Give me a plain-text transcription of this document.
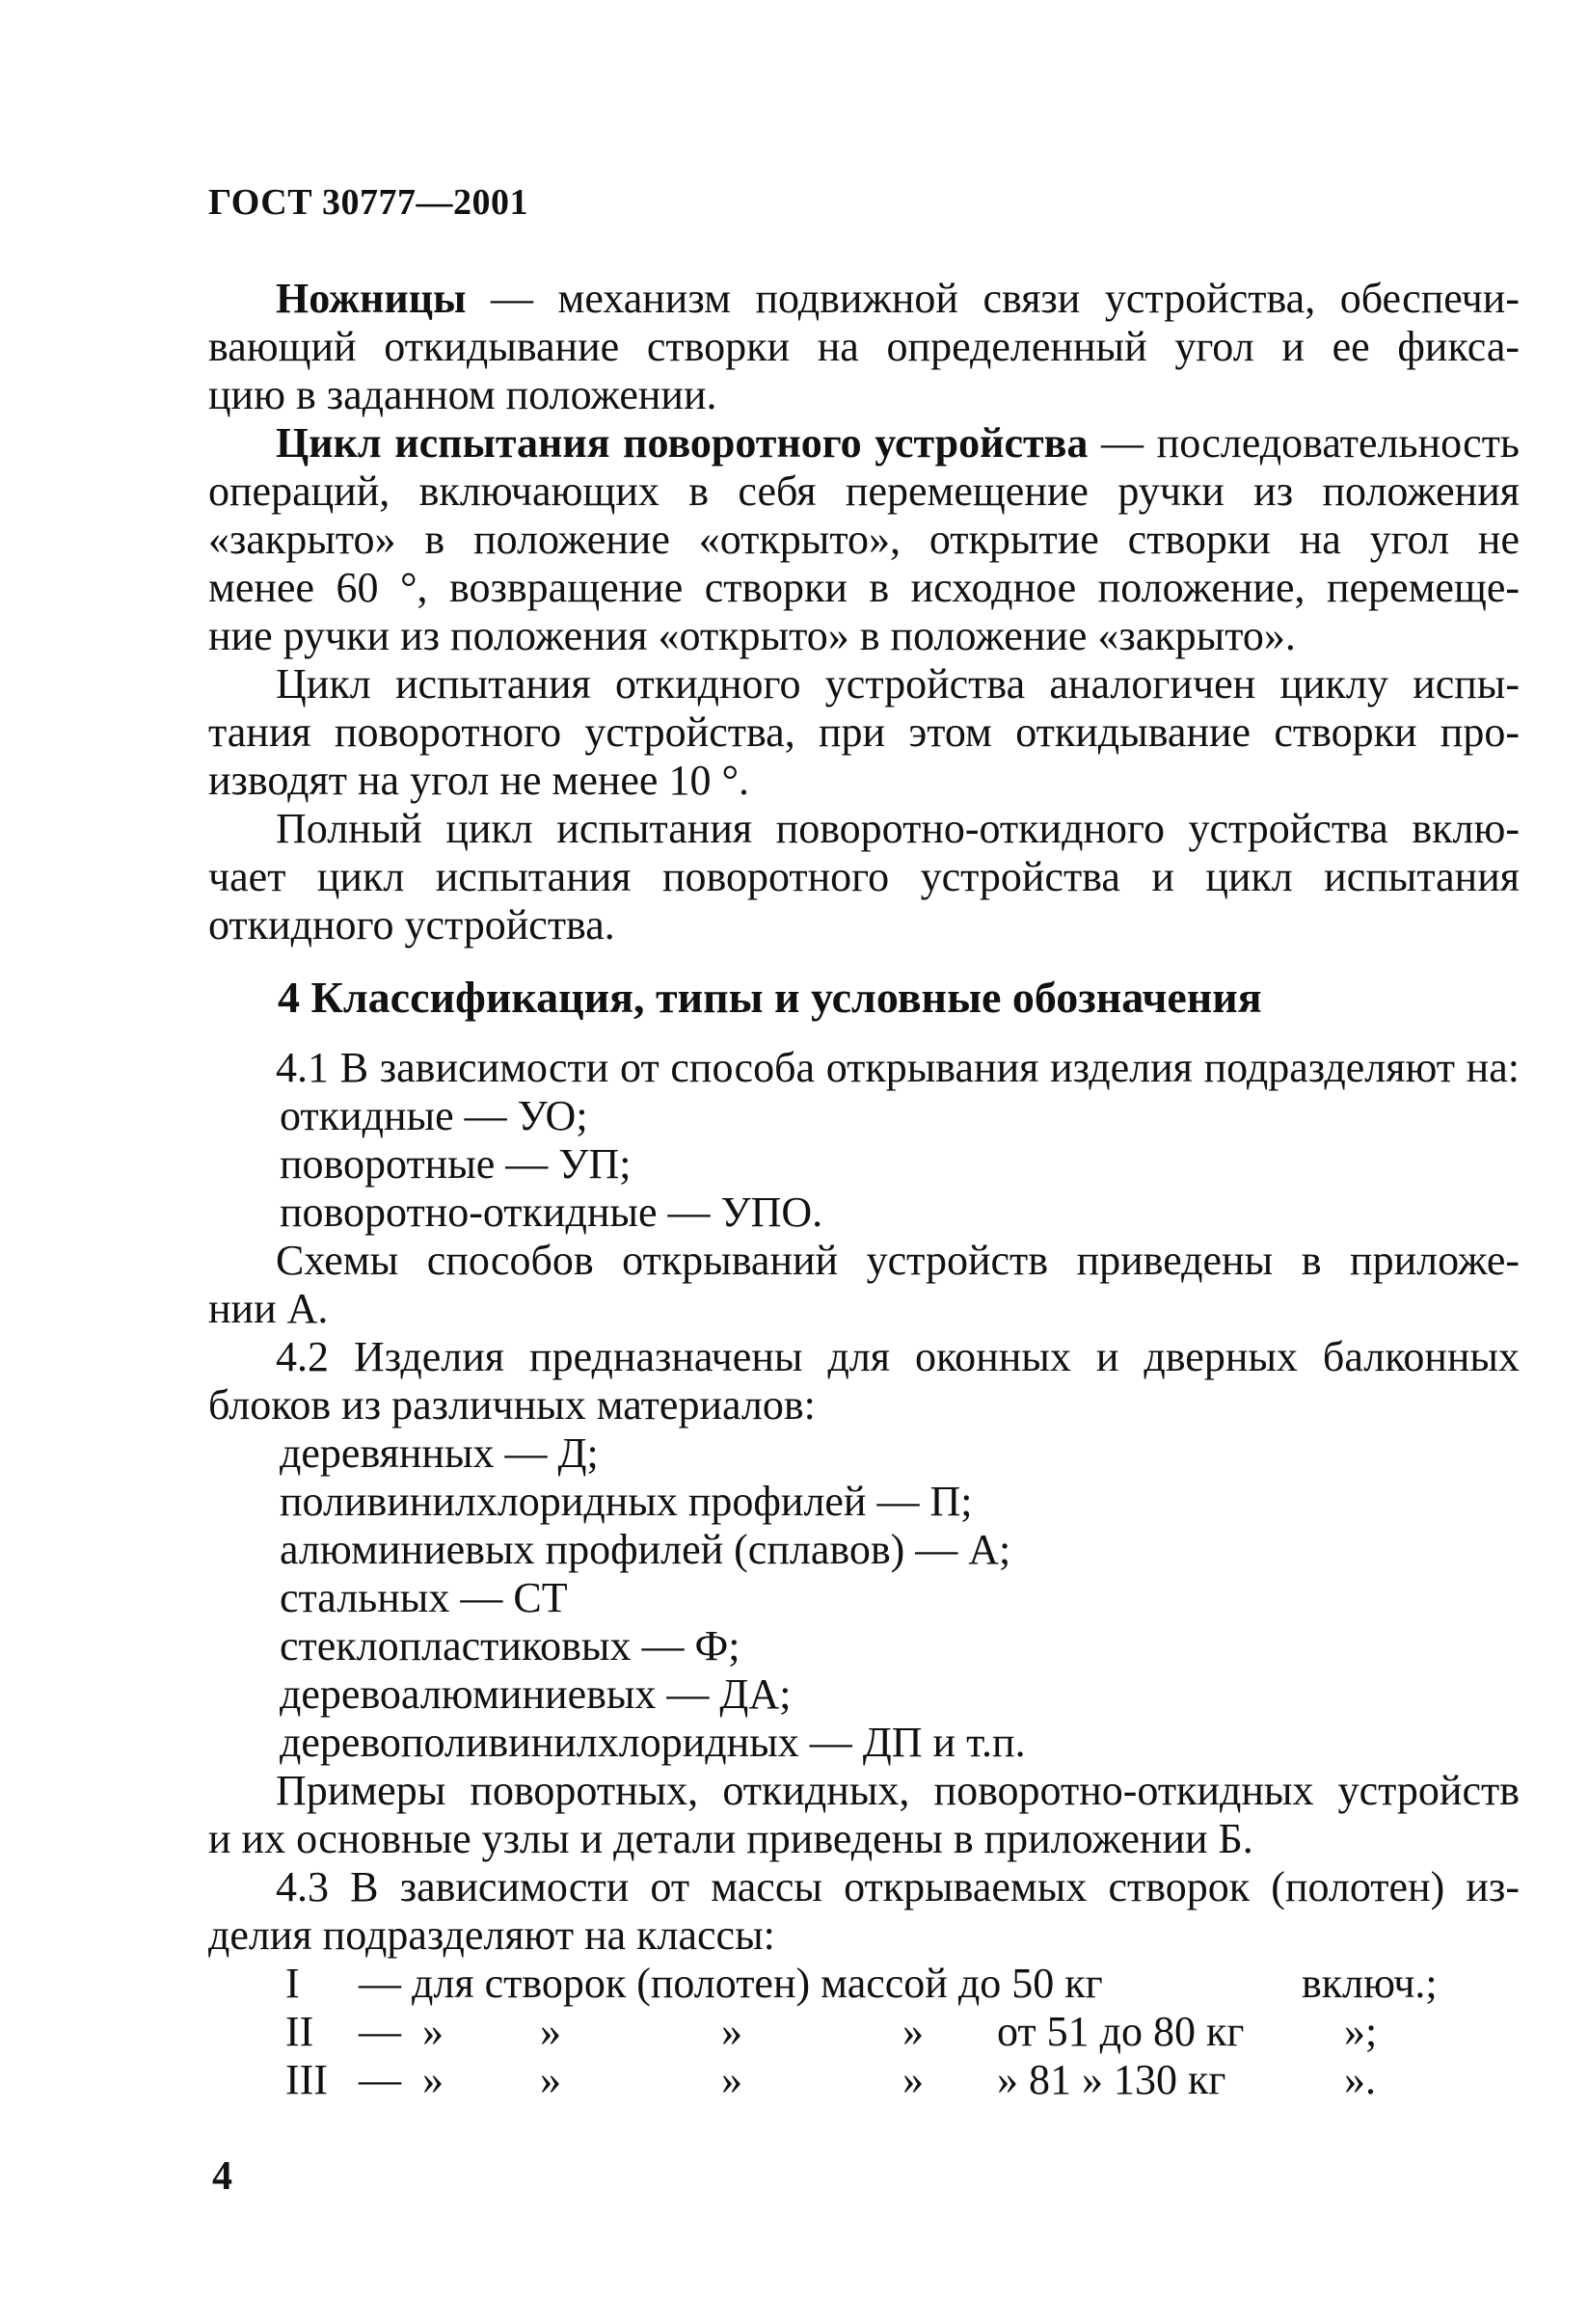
ГОСТ 30777—2001
Ножницы — механизм подвижной связи устройства, обеспечи-
вающий откидывание створки на определенный угол и ее фикса-
цию в заданном положении.
Цикл испытания поворотного устройства — последовательность
операций, включающих в себя перемещение ручки из положения
«закрыто» в положение «открыто», открытие створки на угол не
менее 60 °, возвращение створки в исходное положение, перемеще-
ние ручки из положения «открыто» в положение «закрыто».
Цикл испытания откидного устройства аналогичен циклу испы-
тания поворотного устройства, при этом откидывание створки про-
изводят на угол не менее 10 °.
Полный цикл испытания поворотно-откидного устройства вклю-
чает цикл испытания поворотного устройства и цикл испытания
откидного устройства.
4 Классификация, типы и условные обозначения
4.1 В зависимости от способа открывания изделия подразделяют на:
откидные — УО;
поворотные — УП;
поворотно-откидные — УПО.
Схемы способов открываний устройств приведены в приложе-
нии А.
4.2 Изделия предназначены для оконных и дверных балконных
блоков из различных материалов:
деревянных — Д;
поливинилхлоридных профилей — П;
алюминиевых профилей (сплавов) — А;
стальных — СТ
стеклопластиковых — Ф;
деревоалюминиевых — ДА;
деревополивинилхлоридных — ДП и т.п.
Примеры поворотных, откидных, поворотно-откидных устройств
и их основные узлы и детали приведены в приложении Б.
4.3 В зависимости от массы открываемых створок (полотен) из-
делия подразделяют на классы:
I — для створок (полотен) массой до 50 кг	включ.;
II — » »	»	» от 51 до 80 кг »;
III — » »	»	» » 81 » 130 кг	».
4
